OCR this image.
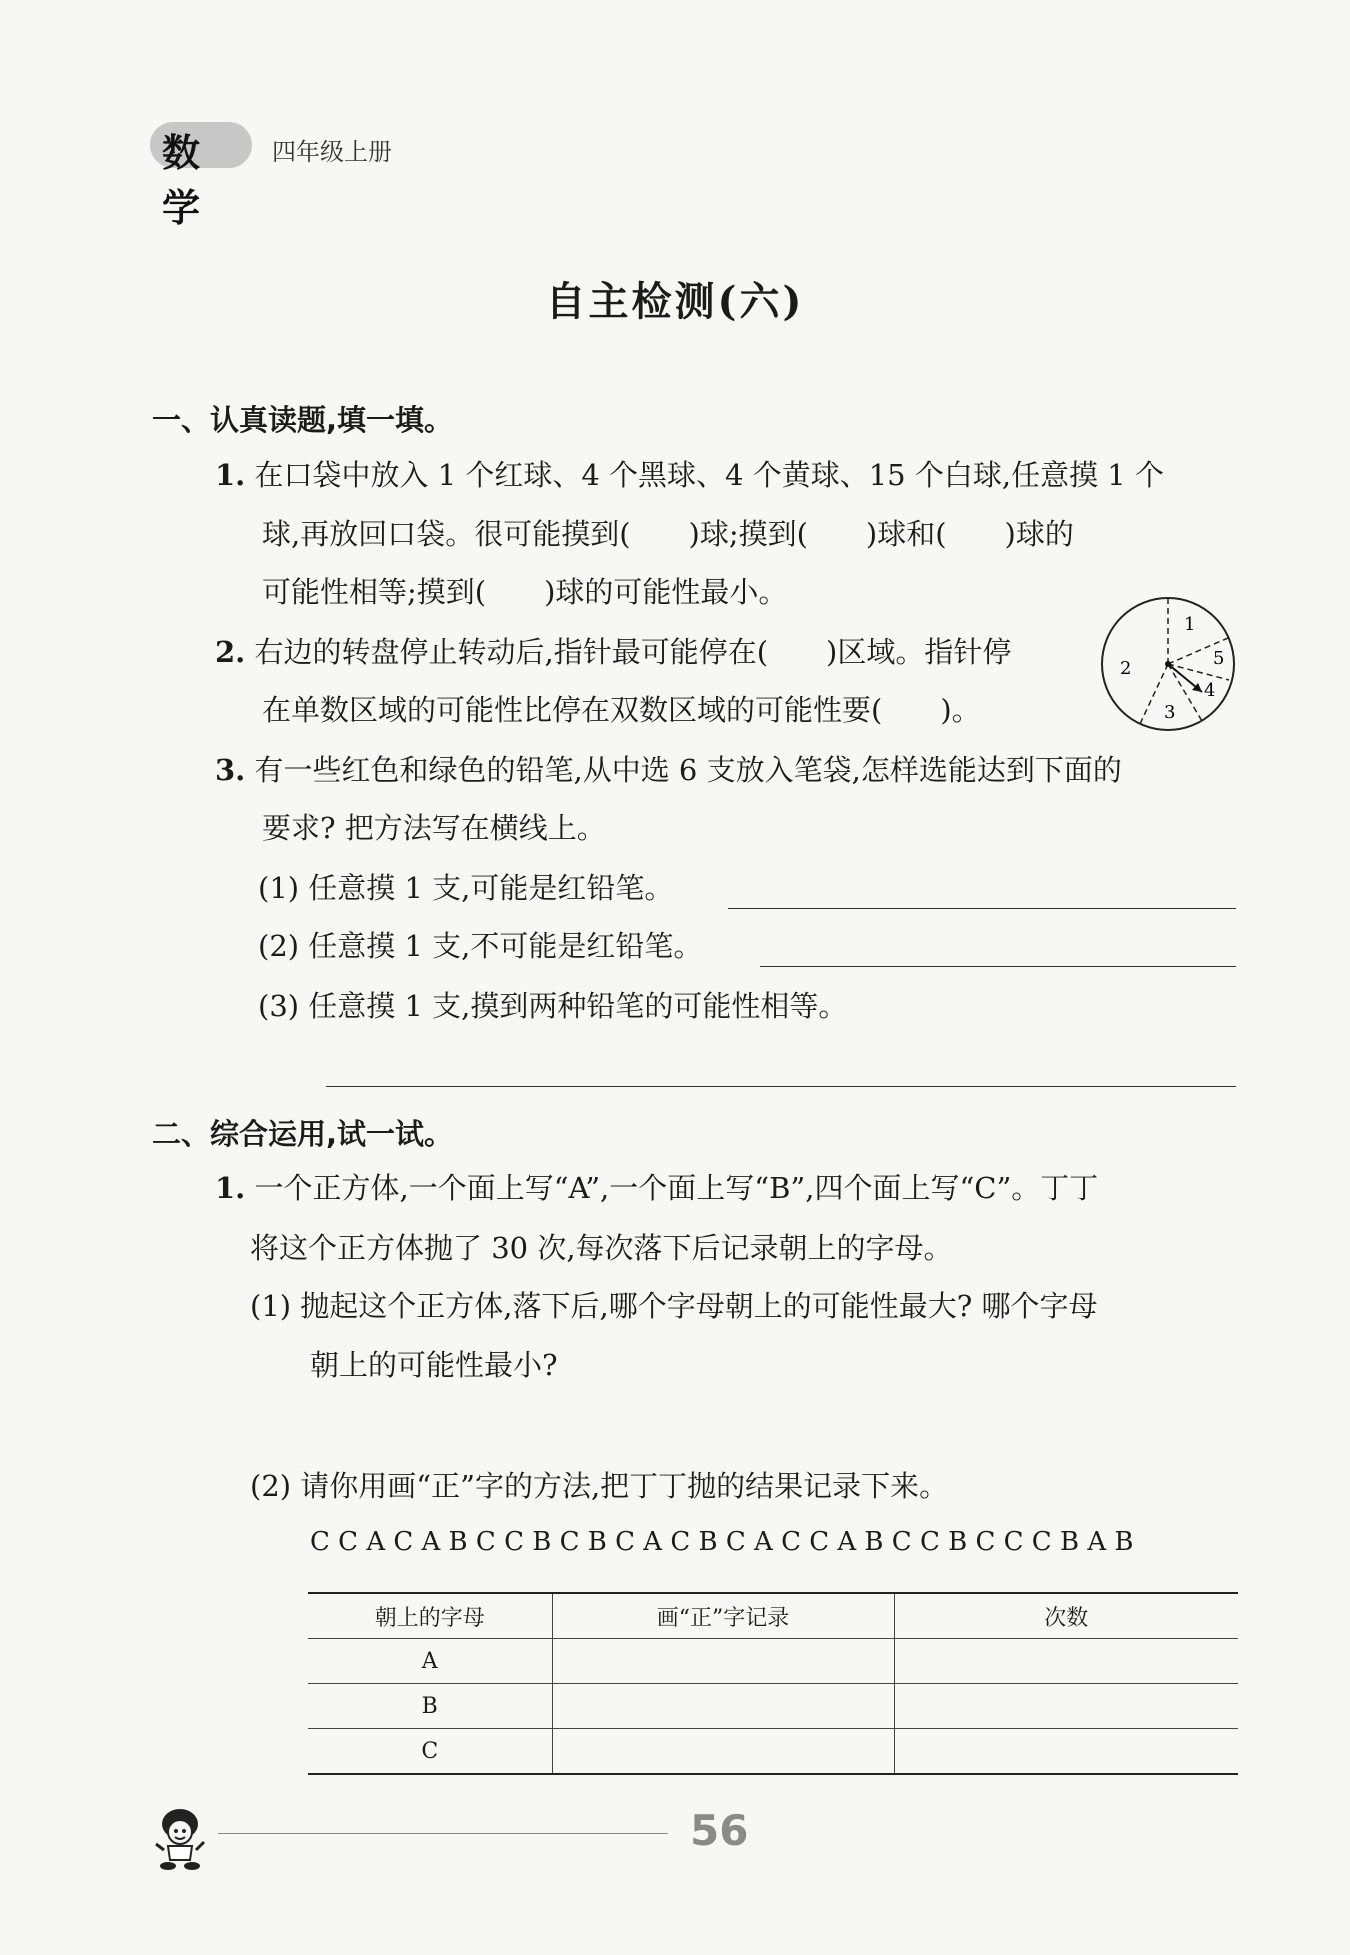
数学
四年级上册
自主检测(六)
一、认真读题,填一填。
1. 在口袋中放入 1 个红球、4 个黑球、4 个黄球、15 个白球,任意摸 1 个
球,再放回口袋。很可能摸到(　　)球;摸到(　　)球和(　　)球的
可能性相等;摸到(　　)球的可能性最小。
2. 右边的转盘停止转动后,指针最可能停在(　　)区域。指针停
在单数区域的可能性比停在双数区域的可能性要(　　)。
1
2
3
4
5
3. 有一些红色和绿色的铅笔,从中选 6 支放入笔袋,怎样选能达到下面的
要求? 把方法写在横线上。
(1) 任意摸 1 支,可能是红铅笔。
(2) 任意摸 1 支,不可能是红铅笔。
(3) 任意摸 1 支,摸到两种铅笔的可能性相等。
二、综合运用,试一试。
1. 一个正方体,一个面上写“A”,一个面上写“B”,四个面上写“C”。丁丁
将这个正方体抛了 30 次,每次落下后记录朝上的字母。
(1) 抛起这个正方体,落下后,哪个字母朝上的可能性最大? 哪个字母
朝上的可能性最小?
(2) 请你用画“正”字的方法,把丁丁抛的结果记录下来。
C C A C A B C C B C B C A C B C A C C A B C C B C C C B A B
朝上的字母	画“正”字记录	次数
A		
B		
C		
56
